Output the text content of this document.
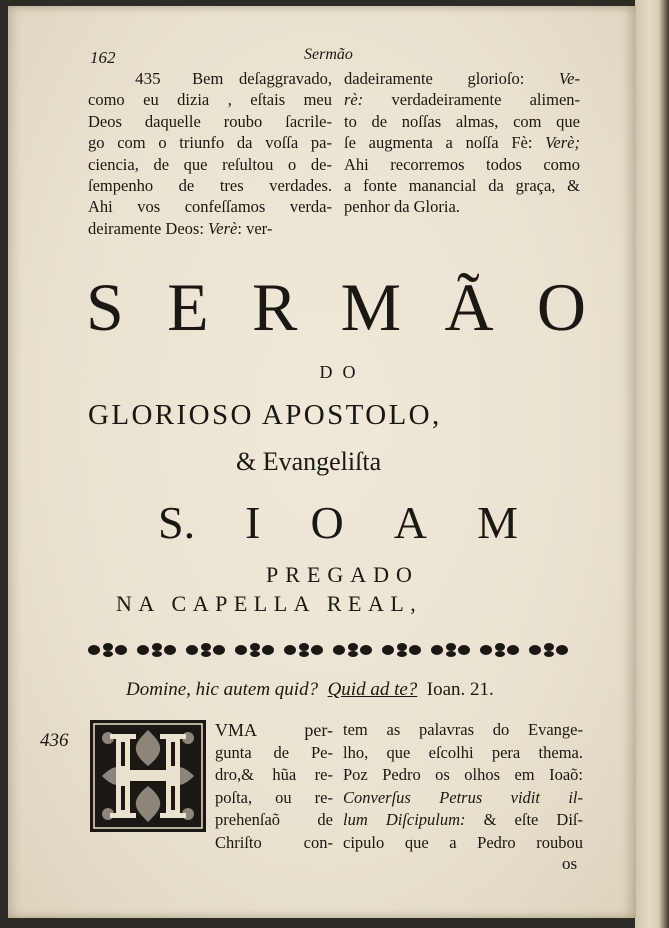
162	Sermão
435 Bem deſaggravado,
como eu dizia , eſtais meu
Deos daquelle roubo ſacrile-
go com o triunfo da voſſa pa-
ciencia, de que reſultou o de-
ſempenho de tres verdades.
Ahi vos confeſſamos verda-
deiramente Deos: Verè: ver-
dadeiramente glorioſo: Ve-
rè: verdadeiramente alimen-
to de noſſas almas, com que
ſe augmenta a noſſa Fè: Verè;
Ahi recorremos todos como
a fonte manancial da graça, &
penhor da Gloria.
S E R M Ã O
DO
GLORIOSO APOSTOLO,
& Evangeliſta
S. I O A M
PREGADO
NA CAPELLA REAL,
Domine, hic autem quid? Quid ad te? Ioan. 21.
436	VMA per-
gunta de Pe-
dro,& hũa re-
poſta, ou re-
prehenſaõ de
Chriſto con-
tem as palavras do Evange-
lho, que eſcolhi pera thema.
Poz Pedro os olhos em Ioaõ:
Converſus Petrus vidit il-
lum Diſcipulum: & eſte Diſ-
cipulo que a Pedro roubou
os
